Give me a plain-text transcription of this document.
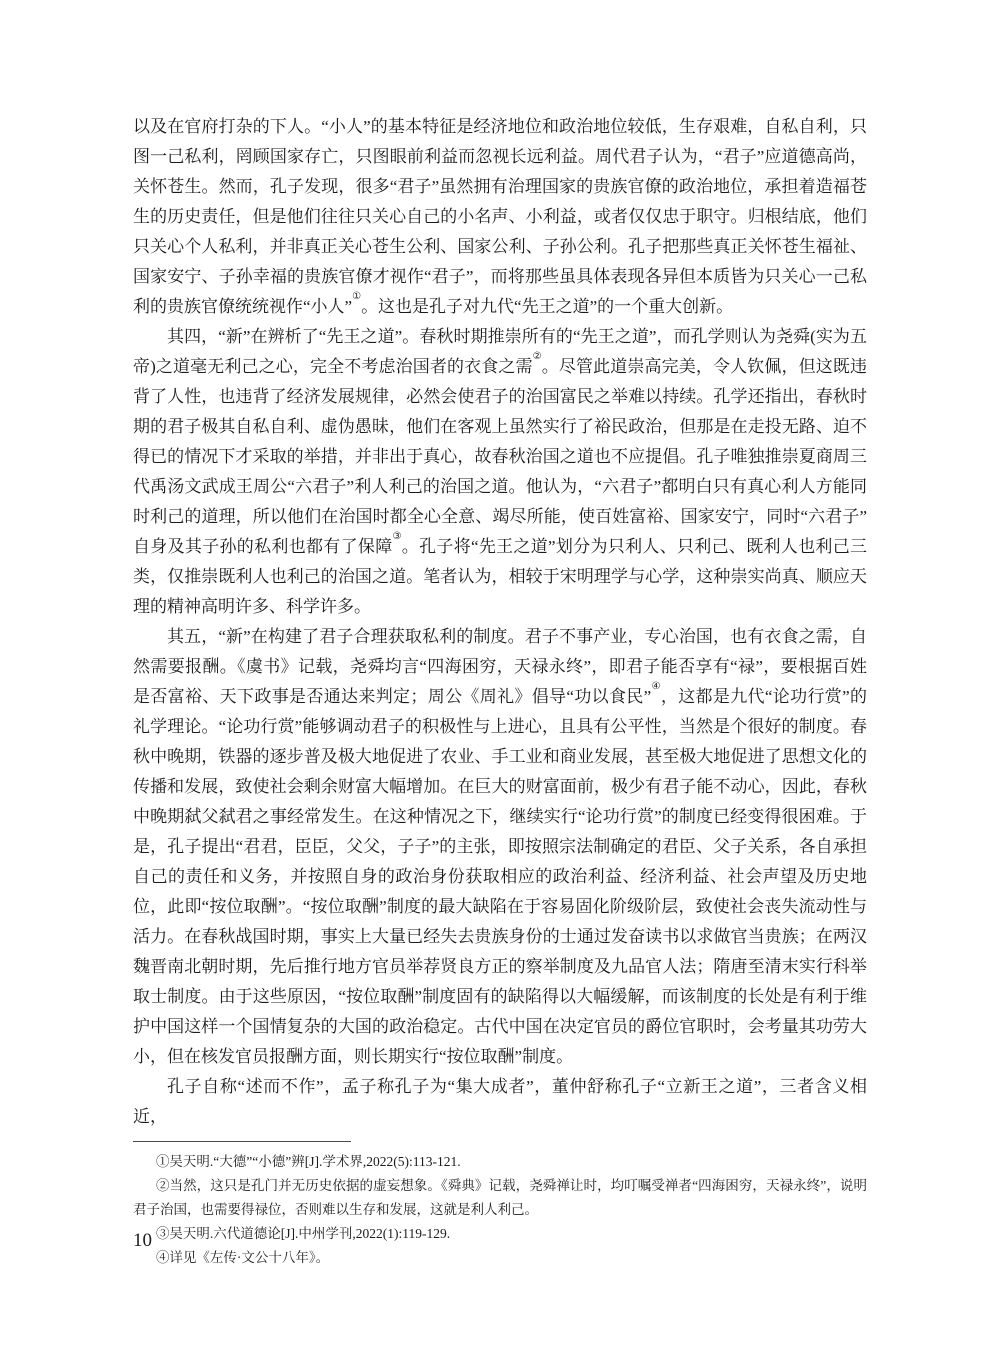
以及在官府打杂的下人。“小人”的基本特征是经济地位和政治地位较低，生存艰难，自私自利，只图一己私利，罔顾国家存亡，只图眼前利益而忽视长远利益。周代君子认为，“君子”应道德高尚，关怀苍生。然而，孔子发现，很多“君子”虽然拥有治理国家的贵族官僚的政治地位，承担着造福苍生的历史责任，但是他们往往只关心自己的小名声、小利益，或者仅仅忠于职守。归根结底，他们只关心个人私利，并非真正关心苍生公利、国家公利、子孙公利。孔子把那些真正关怀苍生福祉、国家安宁、子孙幸福的贵族官僚才视作“君子”，而将那些虽具体表现各异但本质皆为只关心一己私利的贵族官僚统统视作“小人”①。这也是孔子对九代“先王之道”的一个重大创新。

其四，“新”在辨析了“先王之道”。春秋时期推崇所有的“先王之道”，而孔学则认为尧舜(实为五帝)之道毫无利己之心，完全不考虑治国者的衣食之需②。尽管此道崇高完美，令人钦佩，但这既违背了人性，也违背了经济发展规律，必然会使君子的治国富民之举难以持续。孔学还指出，春秋时期的君子极其自私自利、虚伪愚昧，他们在客观上虽然实行了裕民政治，但那是在走投无路、迫不得已的情况下才采取的举措，并非出于真心，故春秋治国之道也不应提倡。孔子唯独推崇夏商周三代禹汤文武成王周公“六君子”利人利己的治国之道。他认为，“六君子”都明白只有真心利人方能同时利己的道理，所以他们在治国时都全心全意、竭尽所能，使百姓富裕、国家安宁，同时“六君子”自身及其子孙的私利也都有了保障③。孔子将“先王之道”划分为只利人、只利己、既利人也利己三类，仅推崇既利人也利己的治国之道。笔者认为，相较于宋明理学与心学，这种崇实尚真、顺应天理的精神高明许多、科学许多。

其五，“新”在构建了君子合理获取私利的制度。君子不事产业，专心治国，也有衣食之需，自然需要报酬。《虞书》记载，尧舜均言“四海困穷，天禄永终”，即君子能否享有“禄”，要根据百姓是否富裕、天下政事是否通达来判定；周公《周礼》倡导“功以食民”④，这都是九代“论功行赏”的礼学理论。“论功行赏”能够调动君子的积极性与上进心，且具有公平性，当然是个很好的制度。春秋中晚期，铁器的逐步普及极大地促进了农业、手工业和商业发展，甚至极大地促进了思想文化的传播和发展，致使社会剩余财富大幅增加。在巨大的财富面前，极少有君子能不动心，因此，春秋中晚期弑父弑君之事经常发生。在这种情况之下，继续实行“论功行赏”的制度已经变得很困难。于是，孔子提出“君君，臣臣，父父，子子”的主张，即按照宗法制确定的君臣、父子关系，各自承担自己的责任和义务，并按照自身的政治身份获取相应的政治利益、经济利益、社会声望及历史地位，此即“按位取酬”。“按位取酬”制度的最大缺陷在于容易固化阶级阶层，致使社会丧失流动性与活力。在春秋战国时期，事实上大量已经失去贵族身份的士通过发奋读书以求做官当贵族；在两汉魏晋南北朝时期，先后推行地方官员举荐贤良方正的察举制度及九品官人法；隋唐至清末实行科举取士制度。由于这些原因，“按位取酬”制度固有的缺陷得以大幅缓解，而该制度的长处是有利于维护中国这样一个国情复杂的大国的政治稳定。古代中国在决定官员的爵位官职时，会考量其功劳大小，但在核发官员报酬方面，则长期实行“按位取酬”制度。

孔子自称“述而不作”，孟子称孔子为“集大成者”，董仲舒称孔子“立新王之道”，三者含义相近，

①吴天明.“大德”“小德”辨[J].学术界,2022(5):113-121.

②当然，这只是孔门并无历史依据的虚妄想象。《舜典》记载，尧舜禅让时，均叮嘱受禅者“四海困穷，天禄永终”，说明君子治国，也需要得禄位，否则难以生存和发展，这就是利人利己。

③吴天明.六代道德论[J].中州学刊,2022(1):119-129.

④详见《左传·文公十八年》。

10
